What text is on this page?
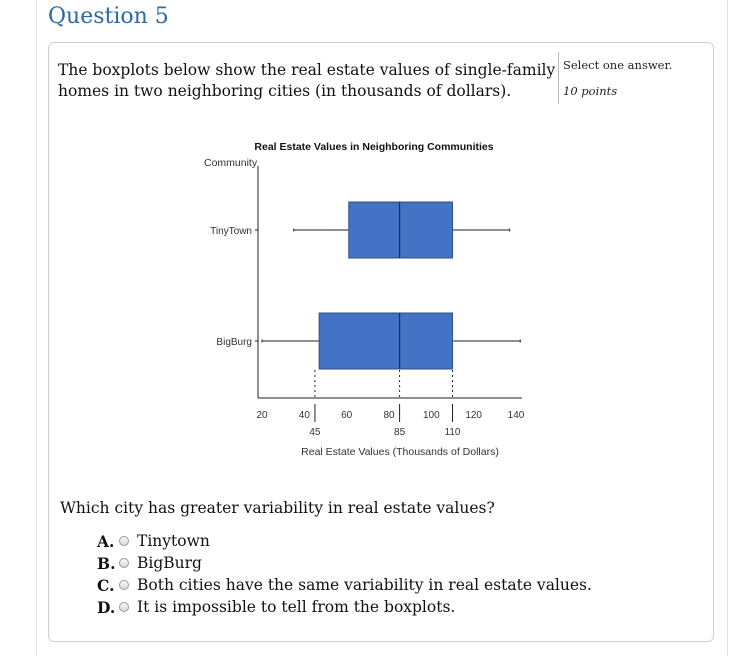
Question 5
The boxplots below show the real estate values of single-family homes in two neighboring cities (in thousands of dollars).
Select one answer.
10 points
Real Estate Values in Neighboring Communities
Community
20	40	60	80	100	120	140
45	85	110
TinyTown
BigBurg
Real Estate Values (Thousands of Dollars)
Which city has greater variability in real estate values?
A. Tinytown
B. BigBurg
C. Both cities have the same variability in real estate values.
D. It is impossible to tell from the boxplots.
